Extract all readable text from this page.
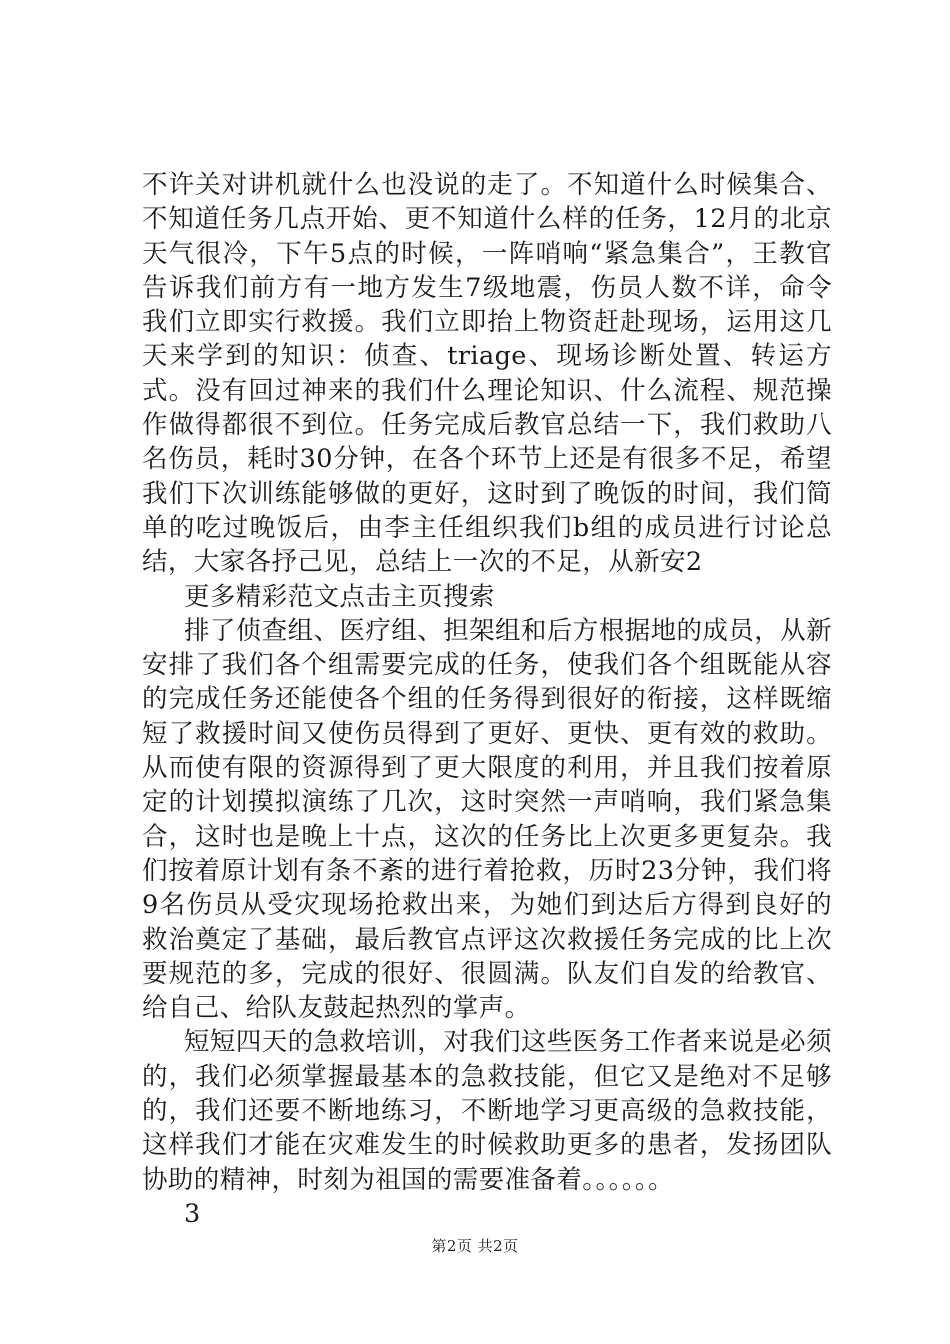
不许关对讲机就什么也没说的走了。不知道什么时候集合、不知道任务几点开始、更不知道什么样的任务，12月的北京天气很冷，下午5点的时候，一阵哨响“紧急集合”，王教官告诉我们前方有一地方发生7级地震，伤员人数不详，命令我们立即实行救援。我们立即抬上物资赶赴现场，运用这几天来学到的知识：侦查、triage、现场诊断处置、转运方式。没有回过神来的我们什么理论知识、什么流程、规范操作做得都很不到位。任务完成后教官总结一下，我们救助八名伤员，耗时30分钟，在各个环节上还是有很多不足，希望我们下次训练能够做的更好，这时到了晚饭的时间，我们简单的吃过晚饭后，由李主任组织我们b组的成员进行讨论总结，大家各抒己见，总结上一次的不足，从新安2

更多精彩范文点击主页搜索

排了侦查组、医疗组、担架组和后方根据地的成员，从新安排了我们各个组需要完成的任务，使我们各个组既能从容的完成任务还能使各个组的任务得到很好的衔接，这样既缩短了救援时间又使伤员得到了更好、更快、更有效的救助。从而使有限的资源得到了更大限度的利用，并且我们按着原定的计划摸拟演练了几次，这时突然一声哨响，我们紧急集合，这时也是晚上十点，这次的任务比上次更多更复杂。我们按着原计划有条不紊的进行着抢救，历时23分钟，我们将9名伤员从受灾现场抢救出来，为她们到达后方得到良好的救治奠定了基础，最后教官点评这次救援任务完成的比上次要规范的多，完成的很好、很圆满。队友们自发的给教官、给自己、给队友鼓起热烈的掌声。

短短四天的急救培训，对我们这些医务工作者来说是必须的，我们必须掌握最基本的急救技能，但它又是绝对不足够的，我们还要不断地练习，不断地学习更高级的急救技能，这样我们才能在灾难发生的时候救助更多的患者，发扬团队协助的精神，时刻为祖国的需要准备着。。。。。。

3

第2页 共2页
